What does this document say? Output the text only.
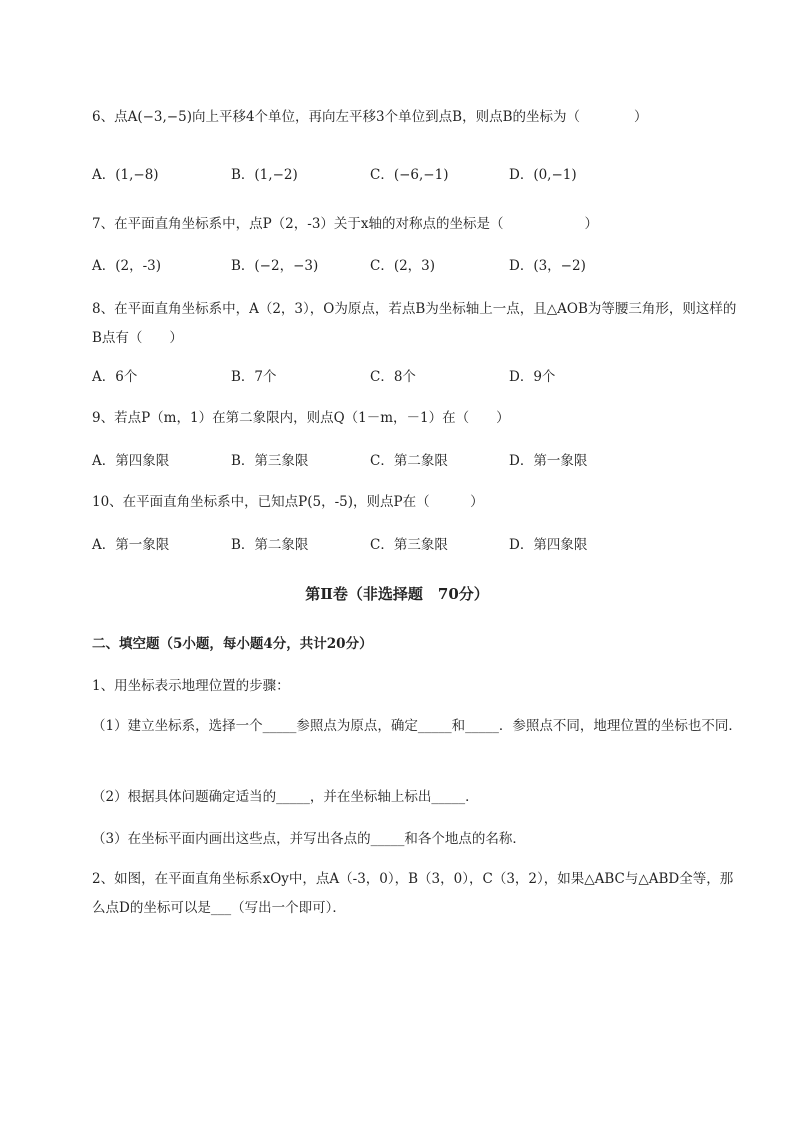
6、点A(−3,−5)向上平移4个单位，再向左平移3个单位到点B，则点B的坐标为（　　　　）
A．(1,−8)	B．(1,−2)	C．(−6,−1)	D．(0,−1)
7、在平面直角坐标系中，点P（2，-3）关于x轴的对称点的坐标是（　　　　　　）
A．(2，-3)	B．(−2，−3)	C．(2，3)	D．(3，−2)
8、在平面直角坐标系中，A（2，3），O为原点，若点B为坐标轴上一点，且△AOB为等腰三角形，则这样的B点有（　　）
A．6个	B．7个	C．8个	D．9个
9、若点P（m，1）在第二象限内，则点Q（1－m，－1）在（　　）
A．第四象限	B．第三象限	C．第二象限	D．第一象限
10、在平面直角坐标系中，已知点P(5，-5)，则点P在（　　　）
A．第一象限	B．第二象限	C．第三象限	D．第四象限
第Ⅱ卷（非选择题　70分）
二、填空题（5小题，每小题4分，共计20分）
1、用坐标表示地理位置的步骤：
（1）建立坐标系，选择一个_____参照点为原点，确定_____和_____．参照点不同，地理位置的坐标也不同．
（2）根据具体问题确定适当的_____，并在坐标轴上标出_____．
（3）在坐标平面内画出这些点，并写出各点的_____和各个地点的名称．
2、如图，在平面直角坐标系xOy中，点A（-3，0），B（3，0），C（3，2），如果△ABC与△ABD全等，那么点D的坐标可以是___（写出一个即可）．
